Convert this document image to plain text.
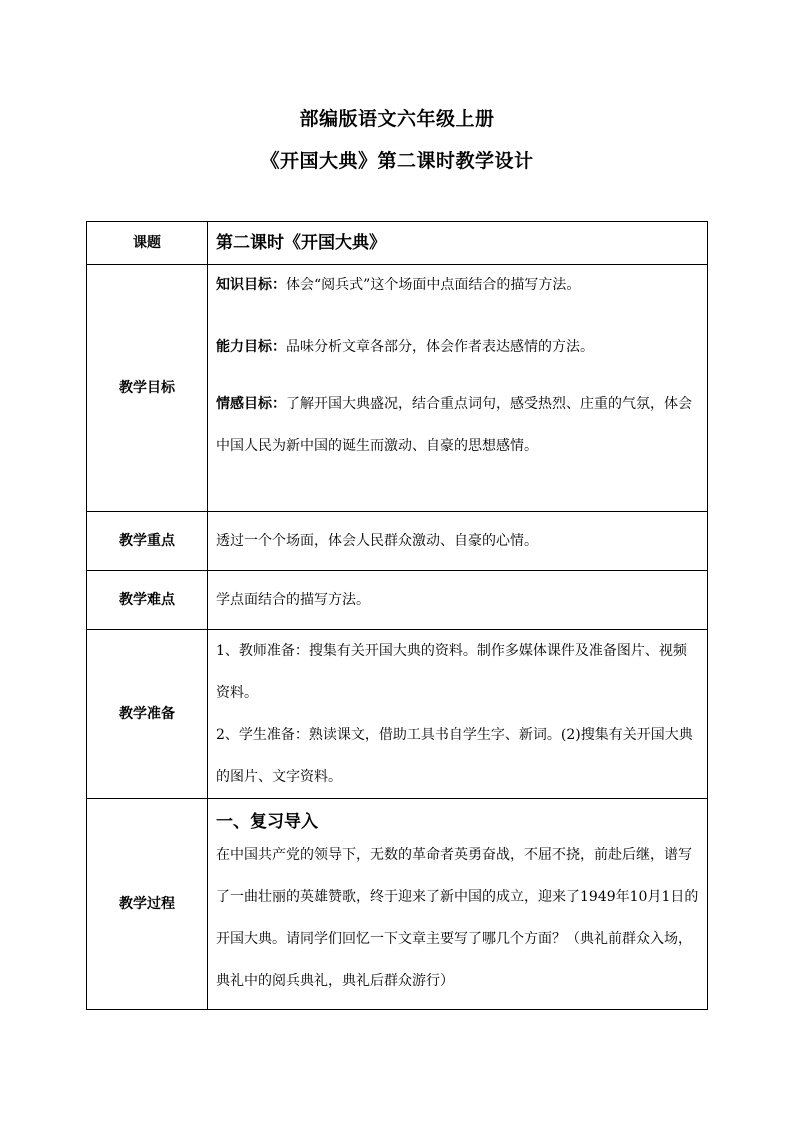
部编版语文六年级上册
《开国大典》第二课时教学设计
课题	第二课时《开国大典》
教学目标	知识目标：体会“阅兵式”这个场面中点面结合的描写方法。

能力目标：品味分析文章各部分，体会作者表达感情的方法。

情感目标：了解开国大典盛况，结合重点词句，感受热烈、庄重的气氛，体会中国人民为新中国的诞生而激动、自豪的思想感情。

教学重点	透过一个个场面，体会人民群众激动、自豪的心情。
教学难点	学点面结合的描写方法。
教学准备	1、教师准备：搜集有关开国大典的资料。制作多媒体课件及准备图片、视频资料。

2、学生准备：熟读课文，借助工具书自学生字、新词。(2)搜集有关开国大典的图片、文字资料。

教学过程	一、复习导入

在中国共产党的领导下，无数的革命者英勇奋战，不屈不挠，前赴后继，谱写了一曲壮丽的英雄赞歌，终于迎来了新中国的成立，迎来了1949年10月1日的开国大典。请同学们回忆一下文章主要写了哪几个方面？（典礼前群众入场，典礼中的阅兵典礼，典礼后群众游行）
